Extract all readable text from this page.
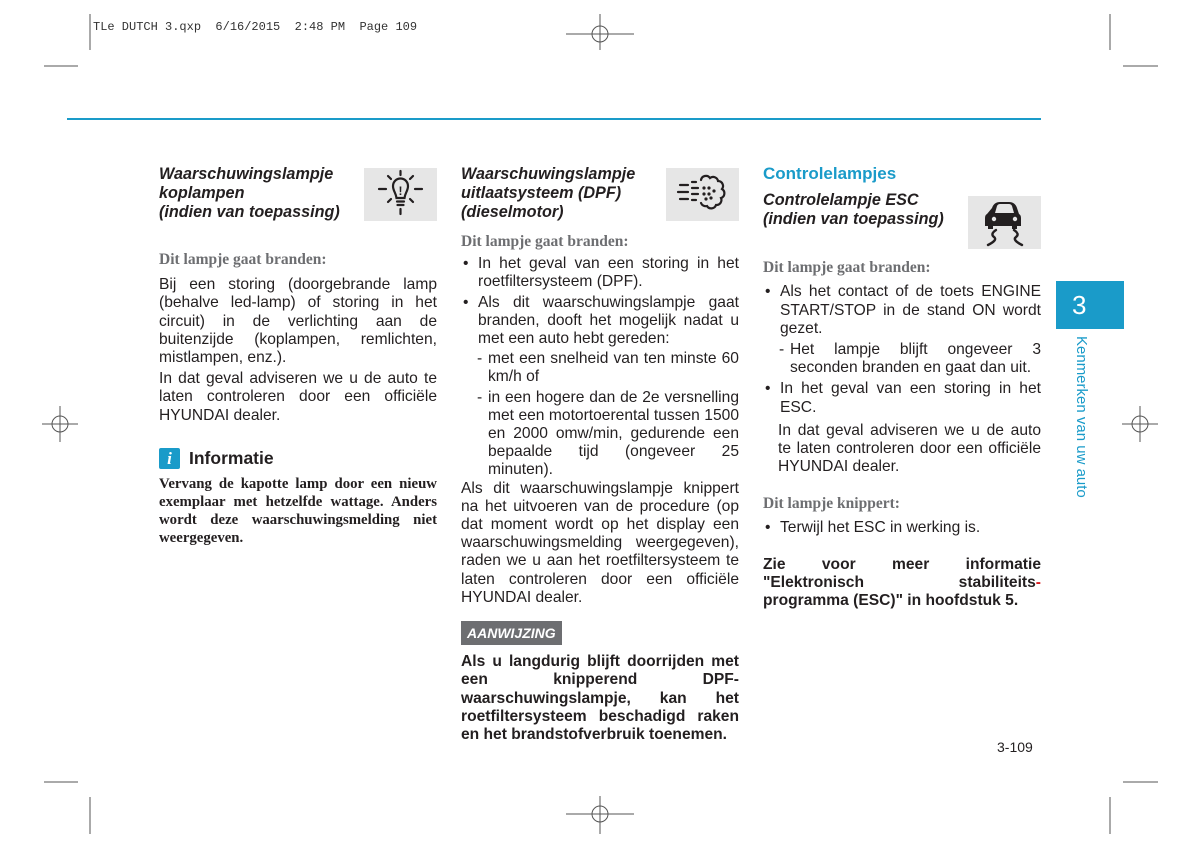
TLe DUTCH 3.qxp  6/16/2015  2:48 PM  Page 109
Waarschuwingslampje
koplampen
(indien van toepassing)
Dit lampje gaat branden:

Bij een storing (doorgebrande lamp (behalve led-lamp) of storing in het circuit) in de verlichting aan de buitenzijde (koplampen, remlichten, mistlampen, enz.).

In dat geval adviseren we u de auto te laten controleren door een officiële HYUNDAI dealer.

i Informatie
Vervang de kapotte lamp door een nieuw exemplaar met hetzelfde wattage. Anders wordt deze waarschuwingsmelding niet weergegeven.
!
Waarschuwingslampje
uitlaatsysteem (DPF)
(dieselmotor)
Dit lampje gaat branden:
• In het geval van een storing in het roetfiltersysteem (DPF).
• Als dit waarschuwingslampje gaat branden, dooft het mogelijk nadat u met een auto hebt gereden:
- met een snelheid van ten minste 60 km/h of
- in een hogere dan de 2e versnelling met een motortoerental tussen 1500 en 2000 omw/min, gedurende een bepaalde tijd (ongeveer 25 minuten).

Als dit waarschuwingslampje knippert na het uitvoeren van de procedure (op dat moment wordt op het display een waarschuwingsmelding weergegeven), raden we u aan het roetfiltersysteem te laten controleren door een officiële HYUNDAI dealer.

AANWIJZING
Als u langdurig blijft doorrijden met een knipperend DPF-waarschuwingslampje, kan het roetfiltersysteem beschadigd raken en het brandstofverbruik toenemen.
Controlelampjes
Controlelampje ESC
(indien van toepassing)
Dit lampje gaat branden:
• Als het contact of de toets ENGINE START/STOP in de stand ON wordt gezet.
- Het lampje blijft ongeveer 3 seconden branden en gaat dan uit.
• In het geval van een storing in het ESC.

In dat geval adviseren we u de auto te laten controleren door een officiële HYUNDAI dealer.

Dit lampje knippert:
• Terwijl het ESC in werking is.
Zie voor meer informatie
"Elektronisch stabiliteits-
programma (ESC)" in hoofdstuk 5.
3
Kenmerken van uw auto
3-109
